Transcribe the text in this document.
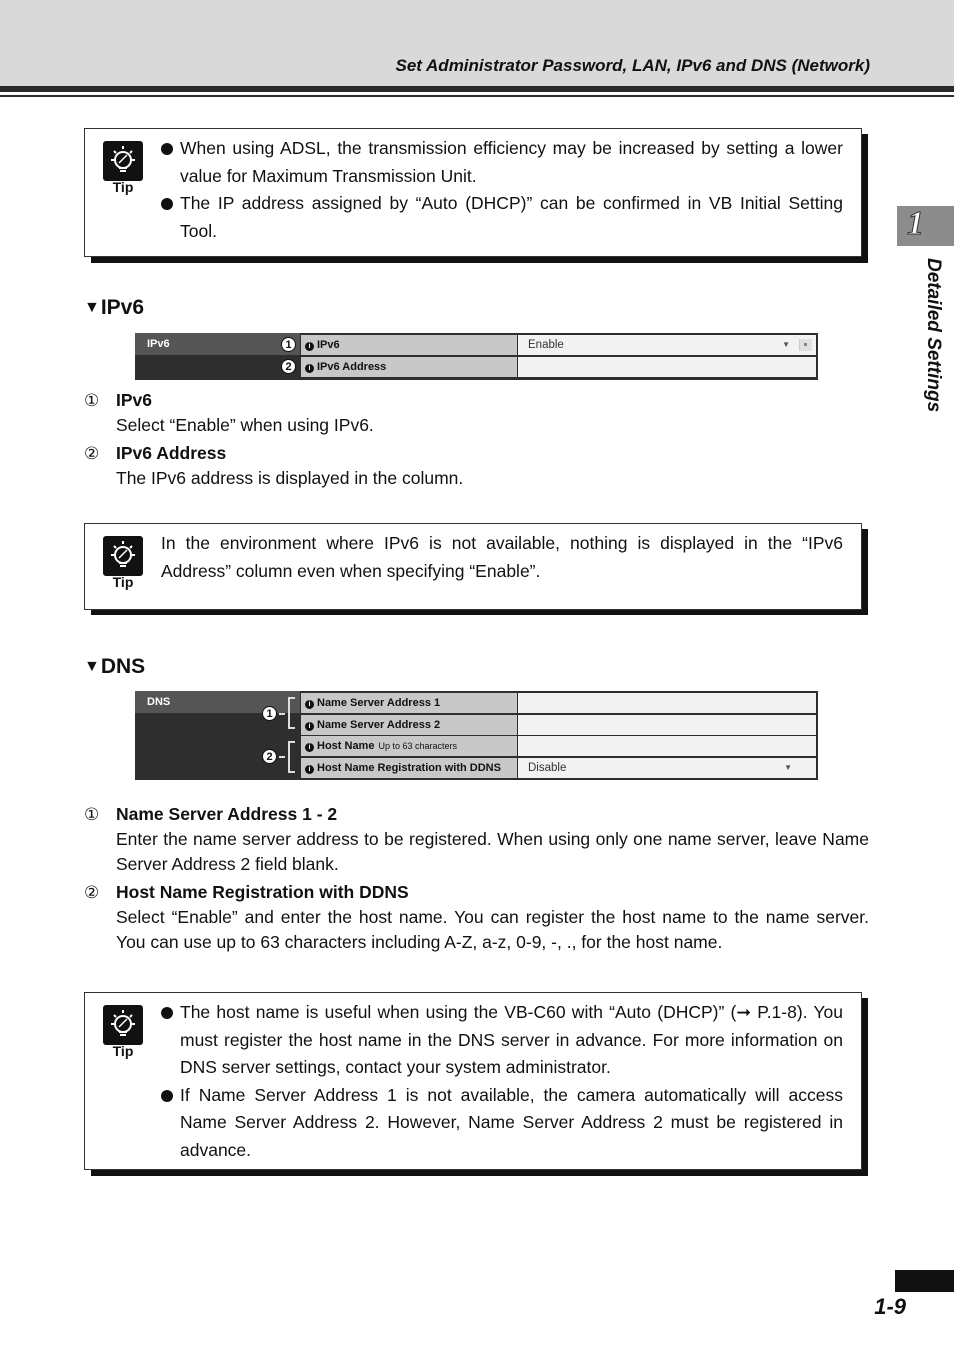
Set Administrator Password, LAN, IPv6 and DNS (Network)
1
Detailed Settings
Tip
When using ADSL, the transmission efficiency may be increased by setting a lower value for Maximum Transmission Unit.
The IP address assigned by “Auto (DHCP)” can be confirmed in VB Initial Setting Tool.
▼IPv6
IPv6	1
2
i IPv6	Enable	▼
i IPv6 Address
① IPv6
Select “Enable” when using IPv6.
② IPv6 Address
The IPv6 address is displayed in the column.
Tip
In the environment where IPv6 is not available, nothing is displayed in the “IPv6 Address” column even when specifying “Enable”.
▼DNS
DNS
1
2
i Name Server Address 1
i Name Server Address 2
i Host Name Up to 63 characters
i Host Name Registration with DDNS	Disable	▼
① Name Server Address 1 - 2
Enter the name server address to be registered. When using only one name server, leave Name Server Address 2 field blank.
② Host Name Registration with DDNS
Select “Enable” and enter the host name. You can register the host name to the name server. You can use up to 63 characters including A-Z, a-z, 0-9, -, ., for the host name.
Tip
The host name is useful when using the VB-C60 with “Auto (DHCP)” (➞ P.1-8). You must register the host name in the DNS server in advance. For more information on DNS server settings, contact your system administrator.
If Name Server Address 1 is not available, the camera automatically will access Name Server Address 2. However, Name Server Address 2 must be registered in advance.
1-9
